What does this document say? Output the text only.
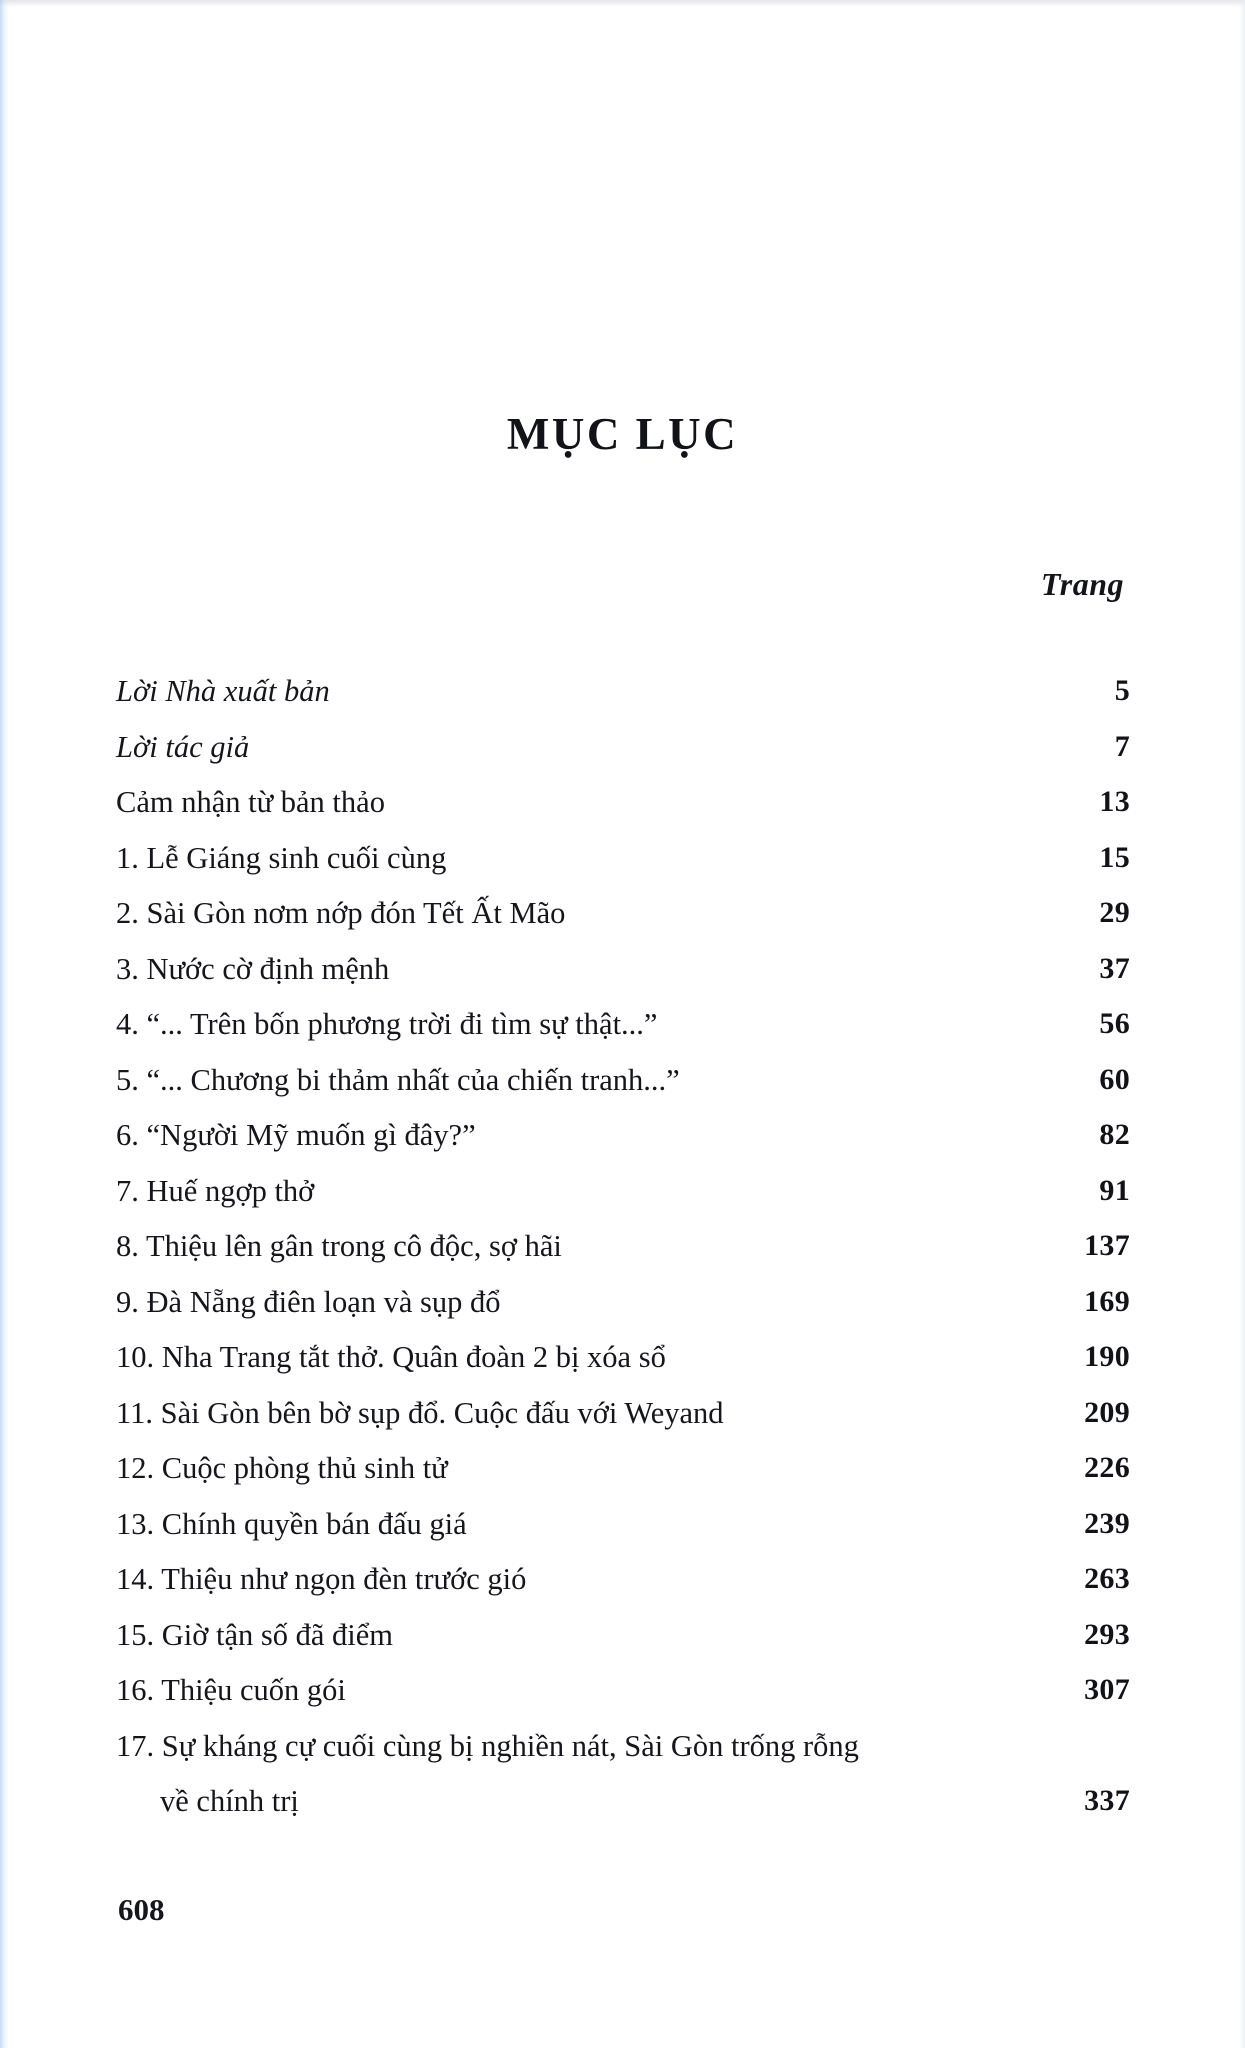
MỤC LỤC
Trang
Lời Nhà xuất bản	5
Lời tác giả	7
Cảm nhận từ bản thảo	13
1. Lễ Giáng sinh cuối cùng	15
2. Sài Gòn nơm nớp đón Tết Ất Mão	29
3. Nước cờ định mệnh	37
4. “... Trên bốn phương trời đi tìm sự thật...”	56
5. “... Chương bi thảm nhất của chiến tranh...”	60
6. “Người Mỹ muốn gì đây?”	82
7. Huế ngợp thở	91
8. Thiệu lên gân trong cô độc, sợ hãi	137
9. Đà Nẵng điên loạn và sụp đổ	169
10. Nha Trang tắt thở. Quân đoàn 2 bị xóa sổ	190
11. Sài Gòn bên bờ sụp đổ. Cuộc đấu với Weyand	209
12. Cuộc phòng thủ sinh tử	226
13. Chính quyền bán đấu giá	239
14. Thiệu như ngọn đèn trước gió	263
15. Giờ tận số đã điểm	293
16. Thiệu cuốn gói	307
17. Sự kháng cự cuối cùng bị nghiền nát, Sài Gòn trống rỗng
về chính trị	337
608
